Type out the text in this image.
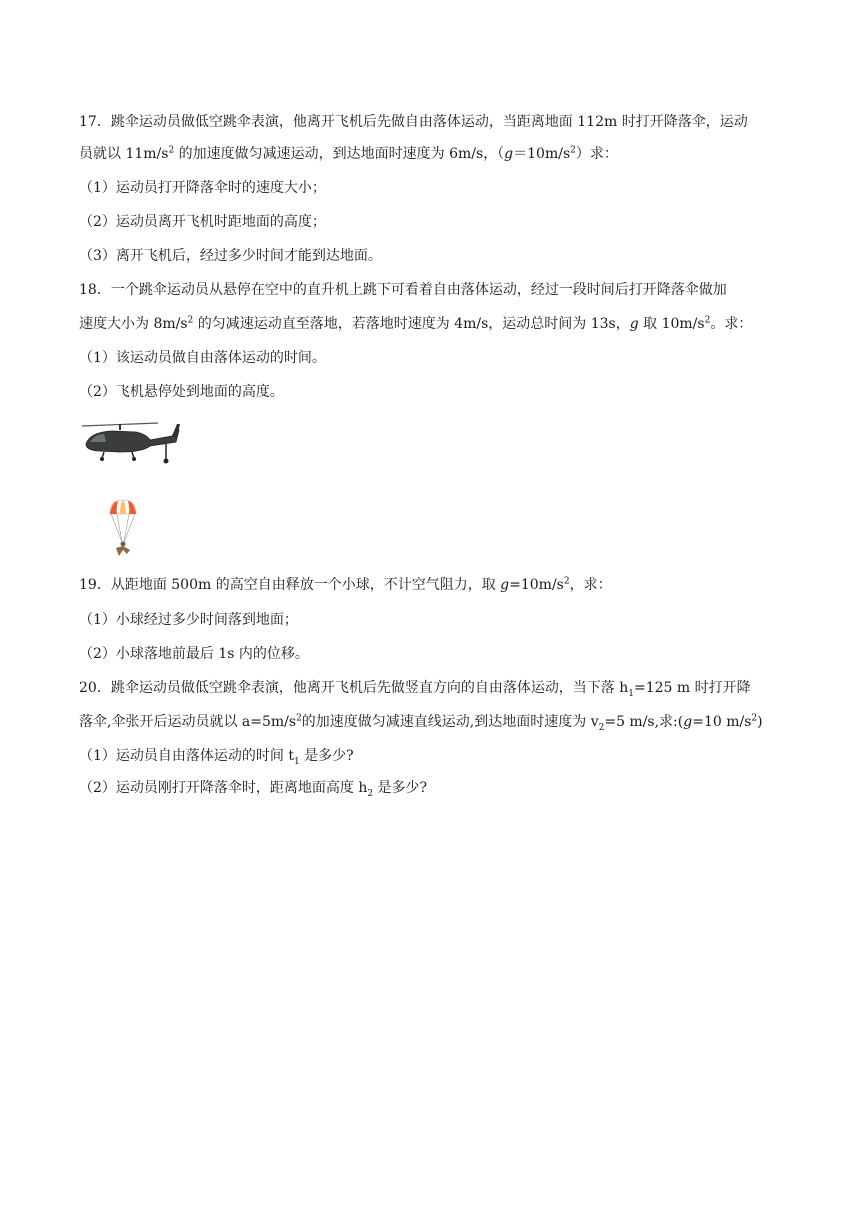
17．跳伞运动员做低空跳伞表演，他离开飞机后先做自由落体运动，当距离地面 112m 时打开降落伞，运动
员就以 $11m/s^2$ 的加速度做匀减速运动，到达地面时速度为 6m/s，$(g=10m/s^2)$求：
（1）运动员打开降落伞时的速度大小；
（2）运动员离开飞机时距地面的高度；
（3）离开飞机后，经过多少时间才能到达地面。
18．一个跳伞运动员从悬停在空中的直升机上跳下可看着自由落体运动，经过一段时间后打开降落伞做加
速度大小为 $8m/s^2$ 的匀减速运动直至落地，若落地时速度为 4m/s，运动总时间为 13s，g 取 $10m/s^2$。求：
（1）该运动员做自由落体运动的时间。
（2）飞机悬停处到地面的高度。
19．从距地面 500m 的高空自由释放一个小球，不计空气阻力，取 $g=10m/s^2$，求：
（1）小球经过多少时间落到地面；
（2）小球落地前最后 1s 内的位移。
20．跳伞运动员做低空跳伞表演，他离开飞机后先做竖直方向的自由落体运动，当下落 $h_1=125$ m 时打开降
落伞,伞张开后运动员就以 $a=5m/s^2$的加速度做匀减速直线运动,到达地面时速度为 $v_2=5$ m/s,求:(g=10 $m/s^2$)
（1）运动员自由落体运动的时间 $t_1$ 是多少?
（2）运动员刚打开降落伞时，距离地面高度 $h_2$ 是多少?
